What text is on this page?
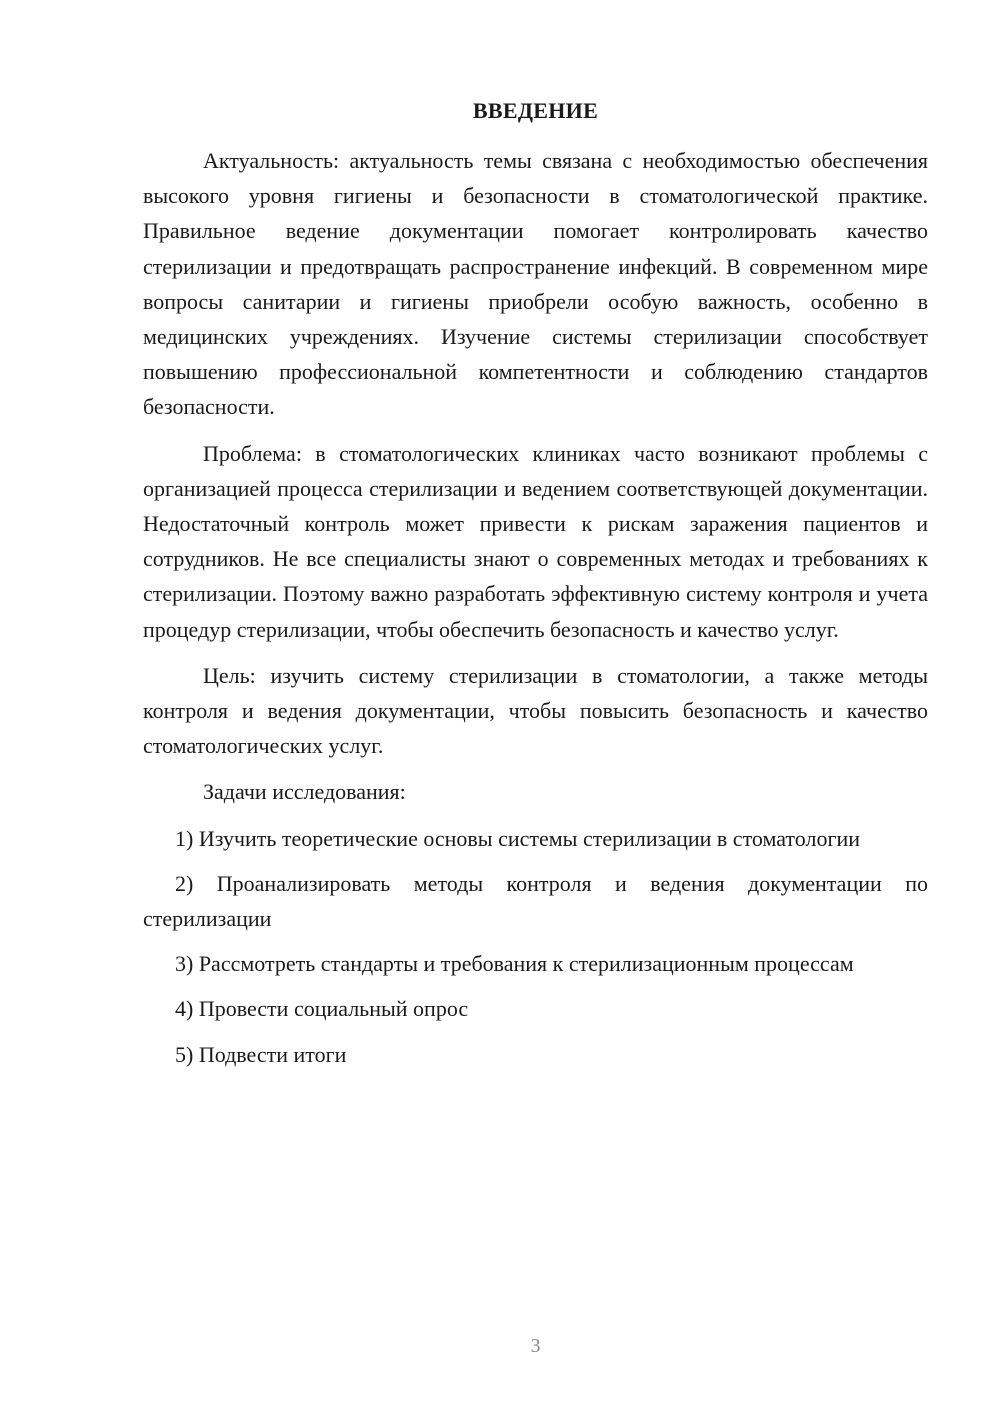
ВВЕДЕНИЕ

Актуальность: актуальность темы связана с необходимостью обеспечения высокого уровня гигиены и безопасности в стоматологической практике. Правильное ведение документации помогает контролировать качество стерилизации и предотвращать распространение инфекций. В современном мире вопросы санитарии и гигиены приобрели особую важность, особенно в медицинских учреждениях. Изучение системы стерилизации способствует повышению профессиональной компетентности и соблюдению стандартов безопасности.

Проблема: в стоматологических клиниках часто возникают проблемы с организацией процесса стерилизации и ведением соответствующей документации. Недостаточный контроль может привести к рискам заражения пациентов и сотрудников. Не все специалисты знают о современных методах и требованиях к стерилизации. Поэтому важно разработать эффективную систему контроля и учета процедур стерилизации, чтобы обеспечить безопасность и качество услуг.

Цель: изучить систему стерилизации в стоматологии, а также методы контроля и ведения документации, чтобы повысить безопасность и качество стоматологических услуг.

Задачи исследования:

1) Изучить теоретические основы системы стерилизации в стоматологии

2) Проанализировать методы контроля и ведения документации по стерилизации

3) Рассмотреть стандарты и требования к стерилизационным процессам

4) Провести социальный опрос

5) Подвести итоги

3
